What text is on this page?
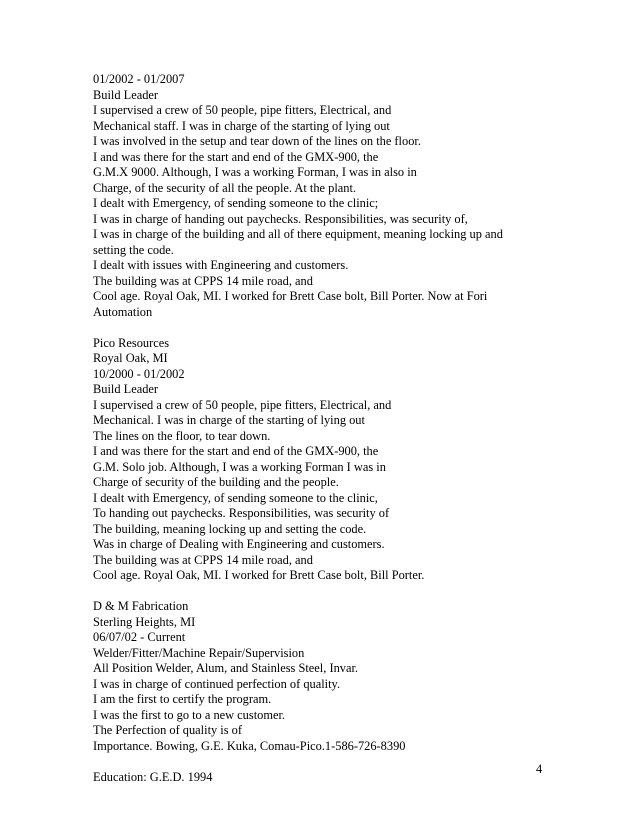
01/2002 - 01/2007
Build Leader
I supervised a crew of 50 people, pipe fitters, Electrical, and
Mechanical staff. I was in charge of the starting of lying out
I was involved in the setup and tear down of the lines on the floor.
I and was there for the start and end of the GMX-900, the
G.M.X 9000. Although, I was a working Forman, I was in also in
Charge, of the security of all the people. At the plant.
I dealt with Emergency, of sending someone to the clinic;
I was in charge of handing out paychecks. Responsibilities, was security of,
I was in charge of the building and all of there equipment, meaning locking up and
setting the code.
I dealt with issues with Engineering and customers.
The building was at CPPS 14 mile road, and
Cool age. Royal Oak, MI. I worked for Brett Case bolt, Bill Porter. Now at Fori
Automation
Pico Resources
Royal Oak, MI
10/2000 - 01/2002
Build Leader
I supervised a crew of 50 people, pipe fitters, Electrical, and
Mechanical. I was in charge of the starting of lying out
The lines on the floor, to tear down.
I and was there for the start and end of the GMX-900, the
G.M. Solo job. Although, I was a working Forman I was in
Charge of security of the building and the people.
I dealt with Emergency, of sending someone to the clinic,
To handing out paychecks. Responsibilities, was security of
The building, meaning locking up and setting the code.
Was in charge of Dealing with Engineering and customers.
The building was at CPPS 14 mile road, and
Cool age. Royal Oak, MI. I worked for Brett Case bolt, Bill Porter.
D & M Fabrication
Sterling Heights, MI
06/07/02 - Current
Welder/Fitter/Machine Repair/Supervision
All Position Welder, Alum, and Stainless Steel, Invar.
I was in charge of continued perfection of quality.
I am the first to certify the program.
I was the first to go to a new customer.
The Perfection of quality is of
Importance. Bowing, G.E. Kuka, Comau-Pico.1-586-726-8390
Education: G.E.D. 1994
4
